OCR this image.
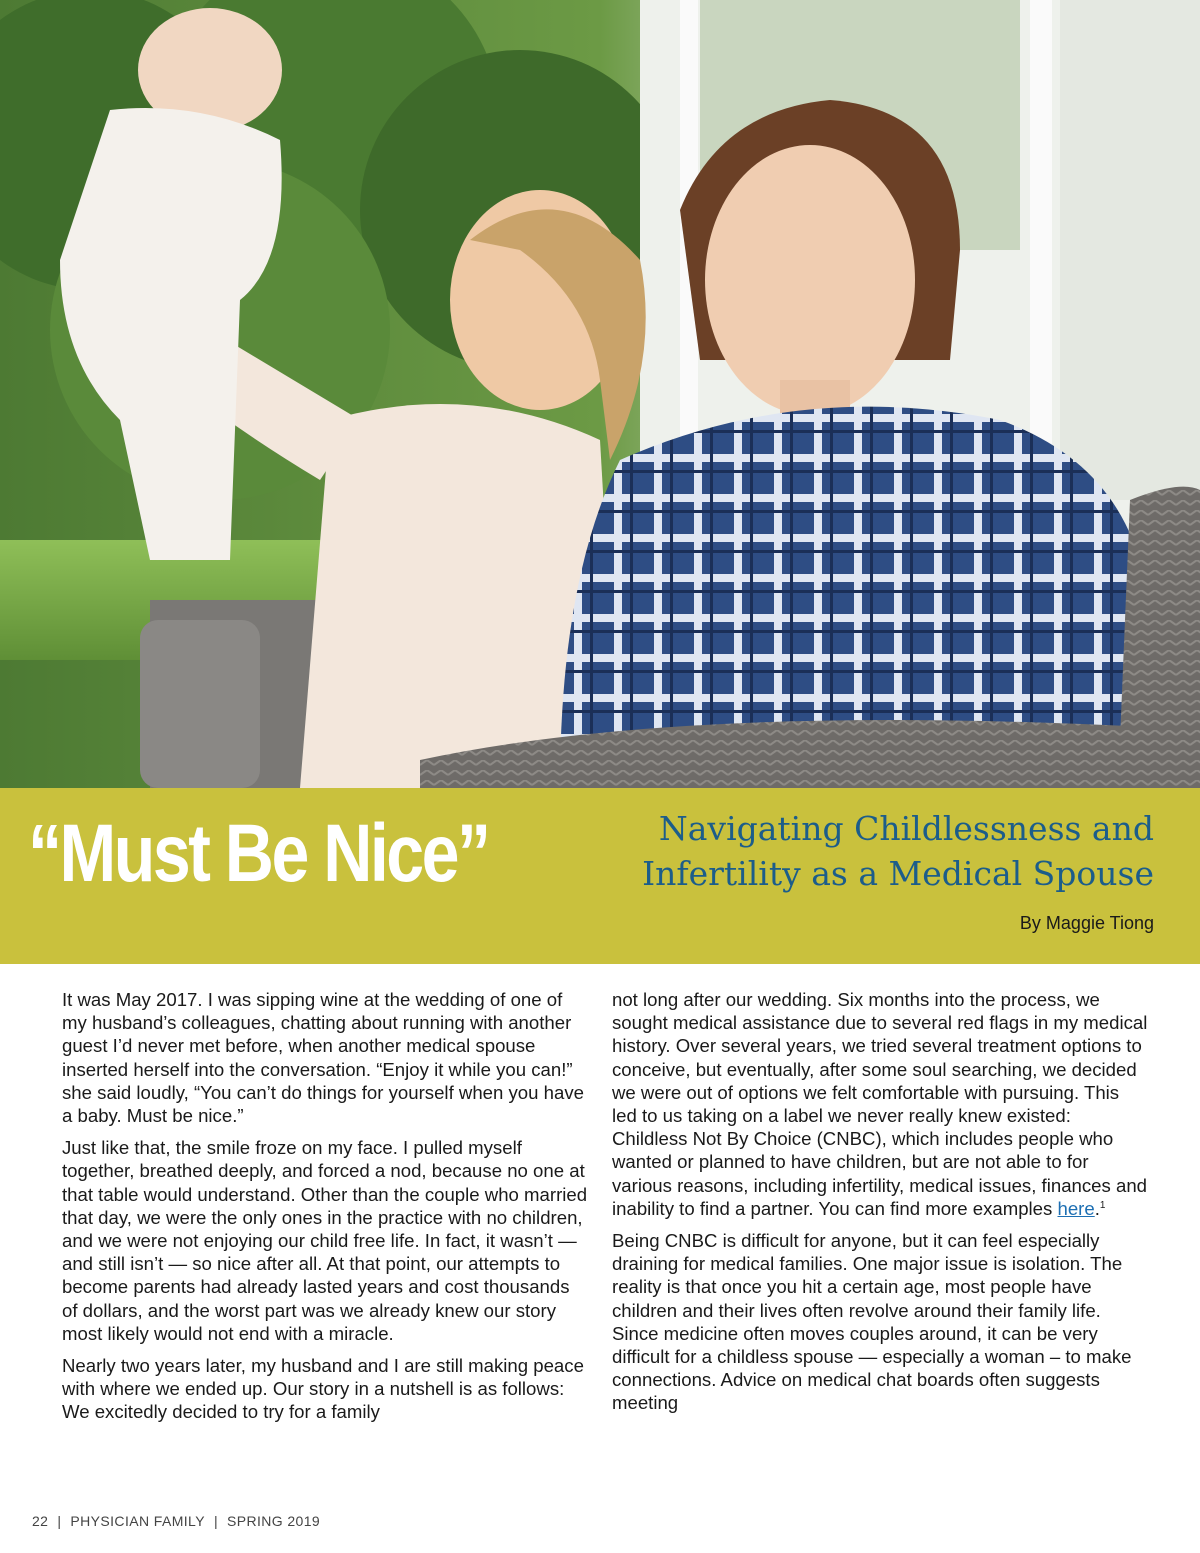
“Must Be Nice”	Navigating Childlessness and
Infertility as a Medical Spouse
By Maggie Tiong

It was May 2017. I was sipping wine at the wedding of one of my husband’s colleagues, chatting about running with another guest I’d never met before, when another medical spouse inserted herself into the conversation. “Enjoy it while you can!” she said loudly, “You can’t do things for yourself when you have a baby. Must be nice.”

Just like that, the smile froze on my face. I pulled myself together, breathed deeply, and forced a nod, because no one at that table would understand. Other than the couple who married that day, we were the only ones in the practice with no children, and we were not enjoying our child free life. In fact, it wasn’t — and still isn’t — so nice after all. At that point, our attempts to become parents had already lasted years and cost thousands of dollars, and the worst part was we already knew our story most likely would not end with a miracle.

Nearly two years later, my husband and I are still making peace with where we ended up. Our story in a nutshell is as follows: We excitedly decided to try for a family

not long after our wedding. Six months into the process, we sought medical assistance due to several red flags in my medical history. Over several years, we tried several treatment options to conceive, but eventually, after some soul searching, we decided we were out of options we felt comfortable with pursuing. This led to us taking on a label we never really knew existed: Childless Not By Choice (CNBC), which includes people who wanted or planned to have children, but are not able to for various reasons, including infertility, medical issues, finances and inability to find a partner. You can find more examples here.$^1$

Being CNBC is difficult for anyone, but it can feel especially draining for medical families. One major issue is isolation. The reality is that once you hit a certain age, most people have children and their lives often revolve around their family life. Since medicine often moves couples around, it can be very difficult for a childless spouse — especially a woman – to make connections. Advice on medical chat boards often suggests meeting

22 | PHYSICIAN FAMILY | SPRING 2019
